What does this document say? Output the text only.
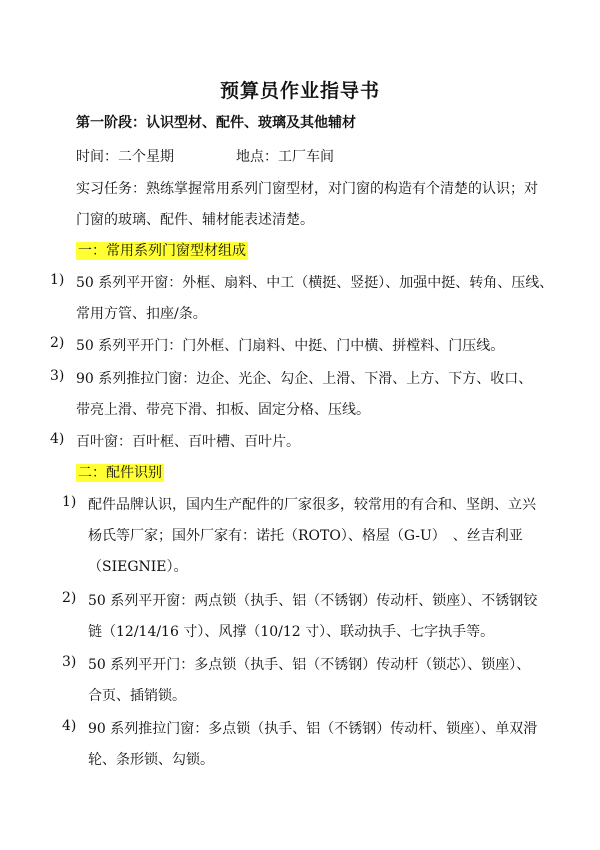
预算员作业指导书
第一阶段：认识型材、配件、玻璃及其他辅材
时间：二个星期	地点：工厂车间
实习任务：熟练掌握常用系列门窗型材，对门窗的构造有个清楚的认识；对
门窗的玻璃、配件、辅材能表述清楚。
一：常用系列门窗型材组成
1) 50 系列平开窗：外框、扇料、中工（横挺、竖挺）、加强中挺、转角、压线、
常用方管、扣座/条。
2) 50 系列平开门：门外框、门扇料、中挺、门中横、拼樘料、门压线。
3) 90 系列推拉门窗：边企、光企、勾企、上滑、下滑、上方、下方、收口、
带亮上滑、带亮下滑、扣板、固定分格、压线。
4) 百叶窗：百叶框、百叶槽、百叶片。
二：配件识别
1) 配件品牌认识，国内生产配件的厂家很多，较常用的有合和、坚朗、立兴
杨氏等厂家；国外厂家有：诺托（ROTO）、格屋（G-U）　、丝吉利亚
（SIEGNIE）。
2) 50 系列平开窗：两点锁（执手、铝（不锈钢）传动杆、锁座）、不锈钢铰
链（12/14/16 寸）、风撑（10/12 寸）、联动执手、七字执手等。
3) 50 系列平开门：多点锁（执手、铝（不锈钢）传动杆（锁芯）、锁座）、
合页、插销锁。
4) 90 系列推拉门窗：多点锁（执手、铝（不锈钢）传动杆、锁座）、单双滑
轮、条形锁、勾锁。
